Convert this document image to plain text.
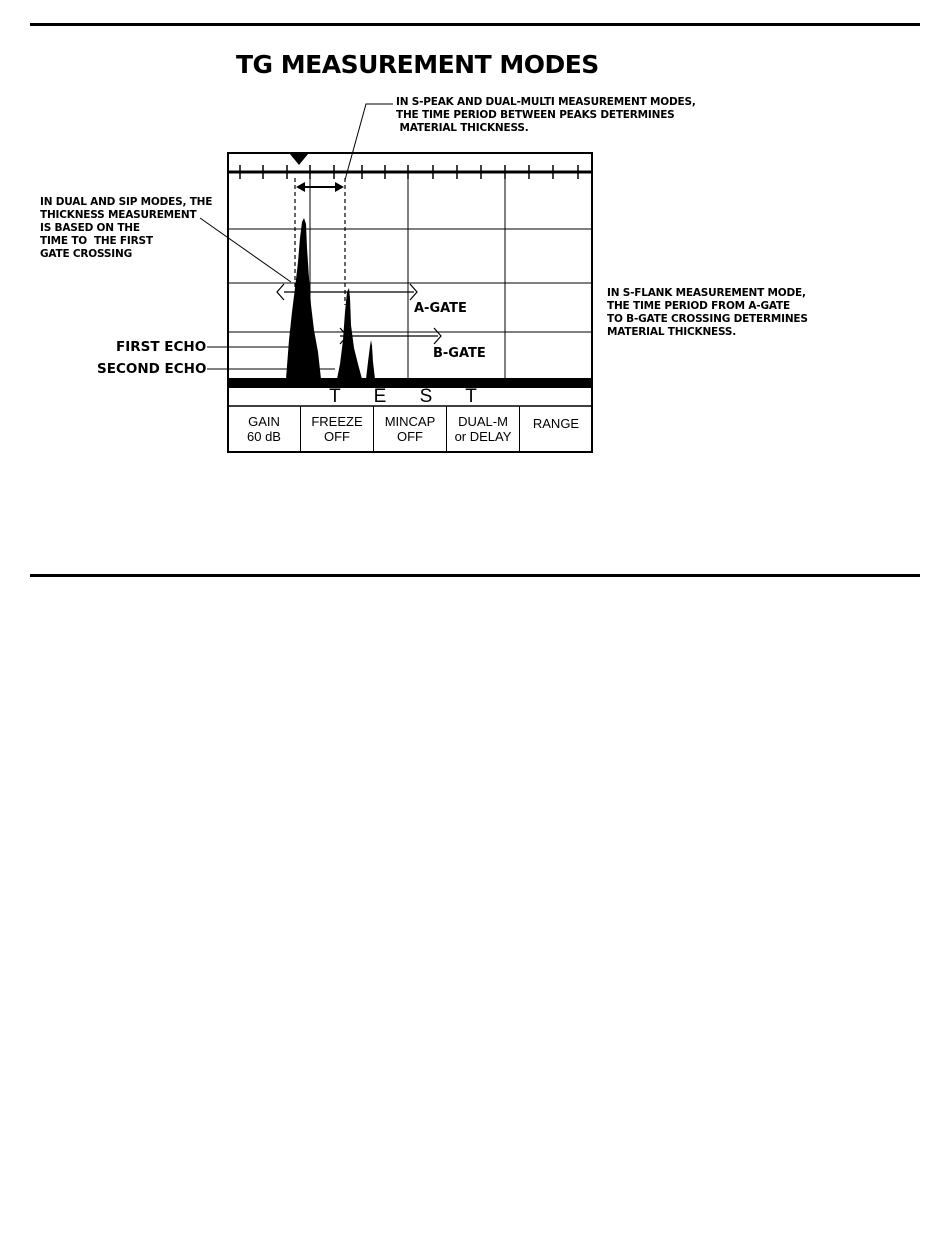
TG MEASUREMENT MODES
IN S-PEAK AND DUAL-MULTI MEASUREMENT MODES,
THE TIME PERIOD BETWEEN PEAKS DETERMINES
MATERIAL THICKNESS.
IN DUAL AND SIP MODES, THE
THICKNESS MEASUREMENT
IS BASED ON THE
TIME TO  THE FIRST
GATE CROSSING
IN S-FLANK MEASUREMENT MODE,
THE TIME PERIOD FROM A-GATE
TO B-GATE CROSSING DETERMINES
MATERIAL THICKNESS.
FIRST ECHO
SECOND ECHO
A-GATE
B-GATE
T E S T
GAIN
60 dB
FREEZE
OFF
MINCAP
OFF
DUAL-M
or DELAY
RANGE
